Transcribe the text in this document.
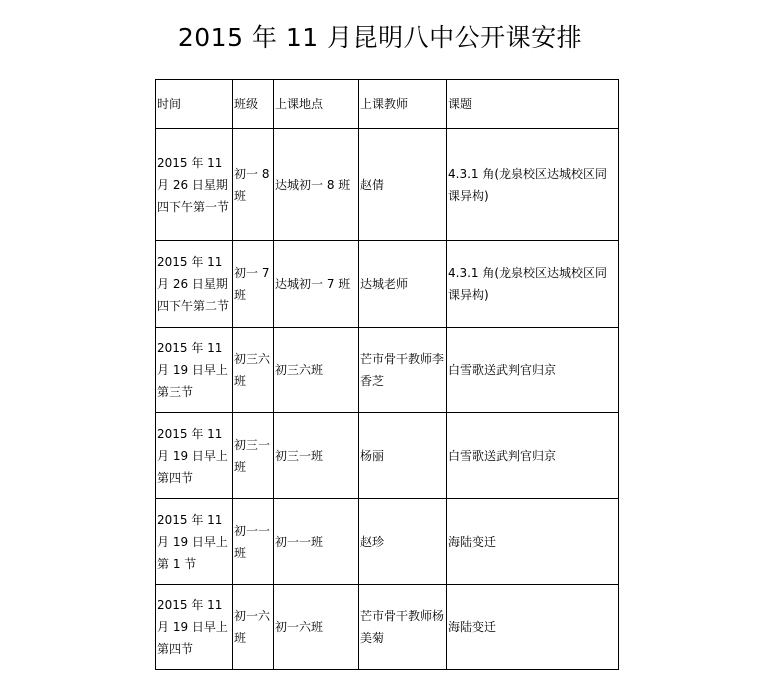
2015 年 11 月昆明八中公开课安排
时间	班级	上课地点	上课教师	课题
2015 年 11 月 26 日星期四下午第一节	初一 8 班	达城初一 8 班	赵倩	4.3.1 角(龙泉校区达城校区同课异构)
2015 年 11 月 26 日星期四下午第二节	初一 7 班	达城初一 7 班	达城老师	4.3.1 角(龙泉校区达城校区同课异构)
2015 年 11 月 19 日早上第三节	初三六班	初三六班	芒市骨干教师李香芝	白雪歌送武判官归京
2015 年 11 月 19 日早上第四节	初三一班	初三一班	杨丽	白雪歌送武判官归京
2015 年 11 月 19 日早上第 1 节	初一一班	初一一班	赵珍	海陆变迁
2015 年 11 月 19 日早上第四节	初一六班	初一六班	芒市骨干教师杨美菊	海陆变迁
